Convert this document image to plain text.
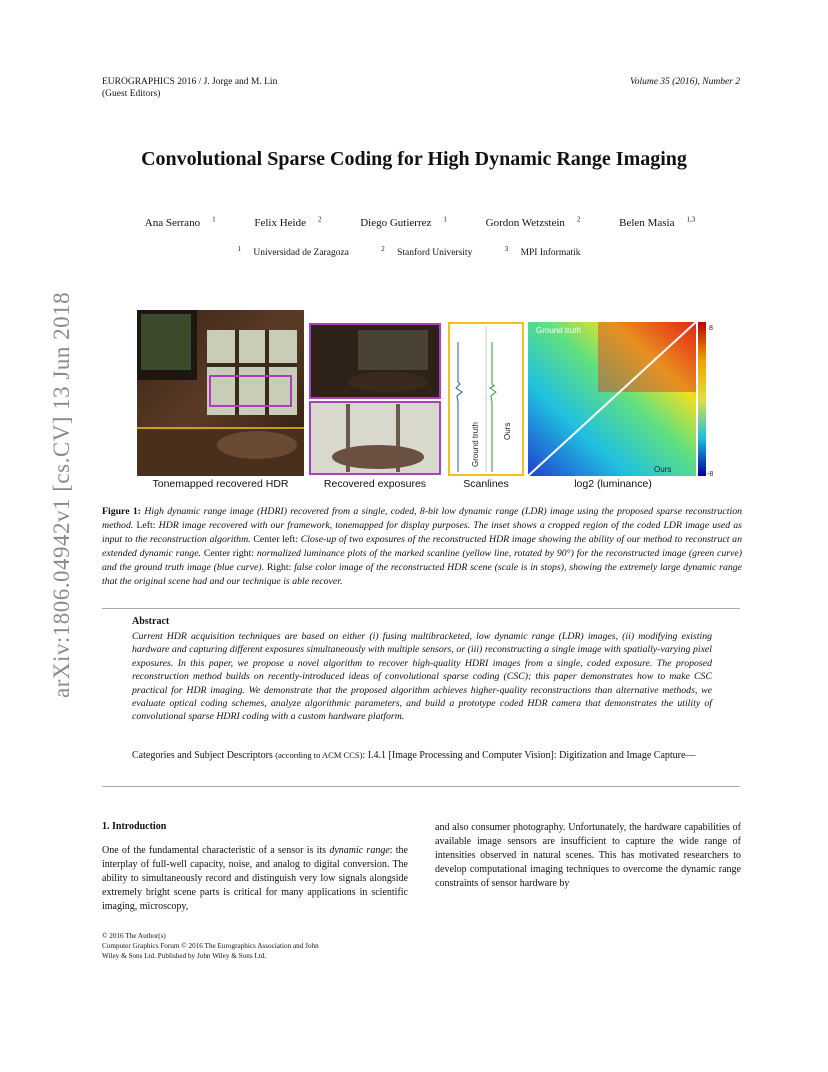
EUROGRAPHICS 2016 / J. Jorge and M. Lin
(Guest Editors)
Volume 35 (2016), Number 2
arXiv:1806.04942v1 [cs.CV] 13 Jun 2018
Convolutional Sparse Coding for High Dynamic Range Imaging
Ana Serrano $^1$	Felix Heide $^2$	Diego Gutierrez $^1$	Gordon Wetzstein $^2$	Belen Masia $^{1,3}$
$^1$ Universidad de Zaragoza	$^2$ Stanford University	$^3$ MPI Informatik
Tonemapped recovered HDR	Recovered exposures
Ground truth	Ours
Scanlines
Ground truth
Ours
8
-8
log2 (luminance)
Figure 1: High dynamic range image (HDRI) recovered from a single, coded, 8-bit low dynamic range (LDR) image using the proposed sparse reconstruction method. Left: HDR image recovered with our framework, tonemapped for display purposes. The inset shows a cropped region of the coded LDR image used as input to the reconstruction algorithm. Center left: Close-up of two exposures of the reconstructed HDR image showing the ability of our method to reconstruct an extended dynamic range. Center right: normalized luminance plots of the marked scanline (yellow line, rotated by 90°) for the reconstructed image (green curve) and the ground truth image (blue curve). Right: false color image of the reconstructed HDR scene (scale is in stops), showing the extremely large dynamic range that the original scene had and our technique is able recover.
Abstract
Current HDR acquisition techniques are based on either (i) fusing multibracketed, low dynamic range (LDR) images, (ii) modifying existing hardware and capturing different exposures simultaneously with multiple sensors, or (iii) reconstructing a single image with spatially-varying pixel exposures. In this paper, we propose a novel algorithm to recover high-quality HDRI images from a single, coded exposure. The proposed reconstruction method builds on recently-introduced ideas of convolutional sparse coding (CSC); this paper demonstrates how to make CSC practical for HDR imaging. We demonstrate that the proposed algorithm achieves higher-quality reconstructions than alternative methods, we evaluate optical coding schemes, analyze algorithmic parameters, and build a prototype coded HDR camera that demonstrates the utility of convolutional sparse HDRI coding with a custom hardware platform.
Categories and Subject Descriptors (according to ACM CCS): I.4.1 [Image Processing and Computer Vision]: Digitization and Image Capture—
1. Introduction
One of the fundamental characteristic of a sensor is its dynamic range: the interplay of full-well capacity, noise, and analog to digital conversion. The ability to simultaneously record and distinguish very low signals alongside extremely bright scene parts is critical for many applications in scientific imaging, microscopy,
and also consumer photography. Unfortunately, the hardware capabilities of available image sensors are insufficient to capture the wide range of intensities observed in natural scenes. This has motivated researchers to develop computational imaging techniques to overcome the dynamic range constraints of sensor hardware by
© 2016 The Author(s)
Computer Graphics Forum © 2016 The Eurographics Association and John
Wiley & Sons Ltd. Published by John Wiley & Sons Ltd.
